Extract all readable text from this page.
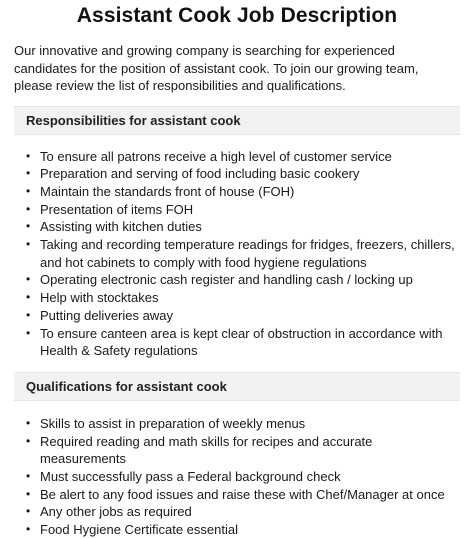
Assistant Cook Job Description

Our innovative and growing company is searching for experienced candidates for the position of assistant cook. To join our growing team, please review the list of responsibilities and qualifications.

Responsibilities for assistant cook
• To ensure all patrons receive a high level of customer service
• Preparation and serving of food including basic cookery
• Maintain the standards front of house (FOH)
• Presentation of items FOH
• Assisting with kitchen duties
• Taking and recording temperature readings for fridges, freezers, chillers, and hot cabinets to comply with food hygiene regulations
• Operating electronic cash register and handling cash / locking up
• Help with stocktakes
• Putting deliveries away
• To ensure canteen area is kept clear of obstruction in accordance with Health & Safety regulations
Qualifications for assistant cook
• Skills to assist in preparation of weekly menus
• Required reading and math skills for recipes and accurate measurements
• Must successfully pass a Federal background check
• Be alert to any food issues and raise these with Chef/Manager at once
• Any other jobs as required
• Food Hygiene Certificate essential
